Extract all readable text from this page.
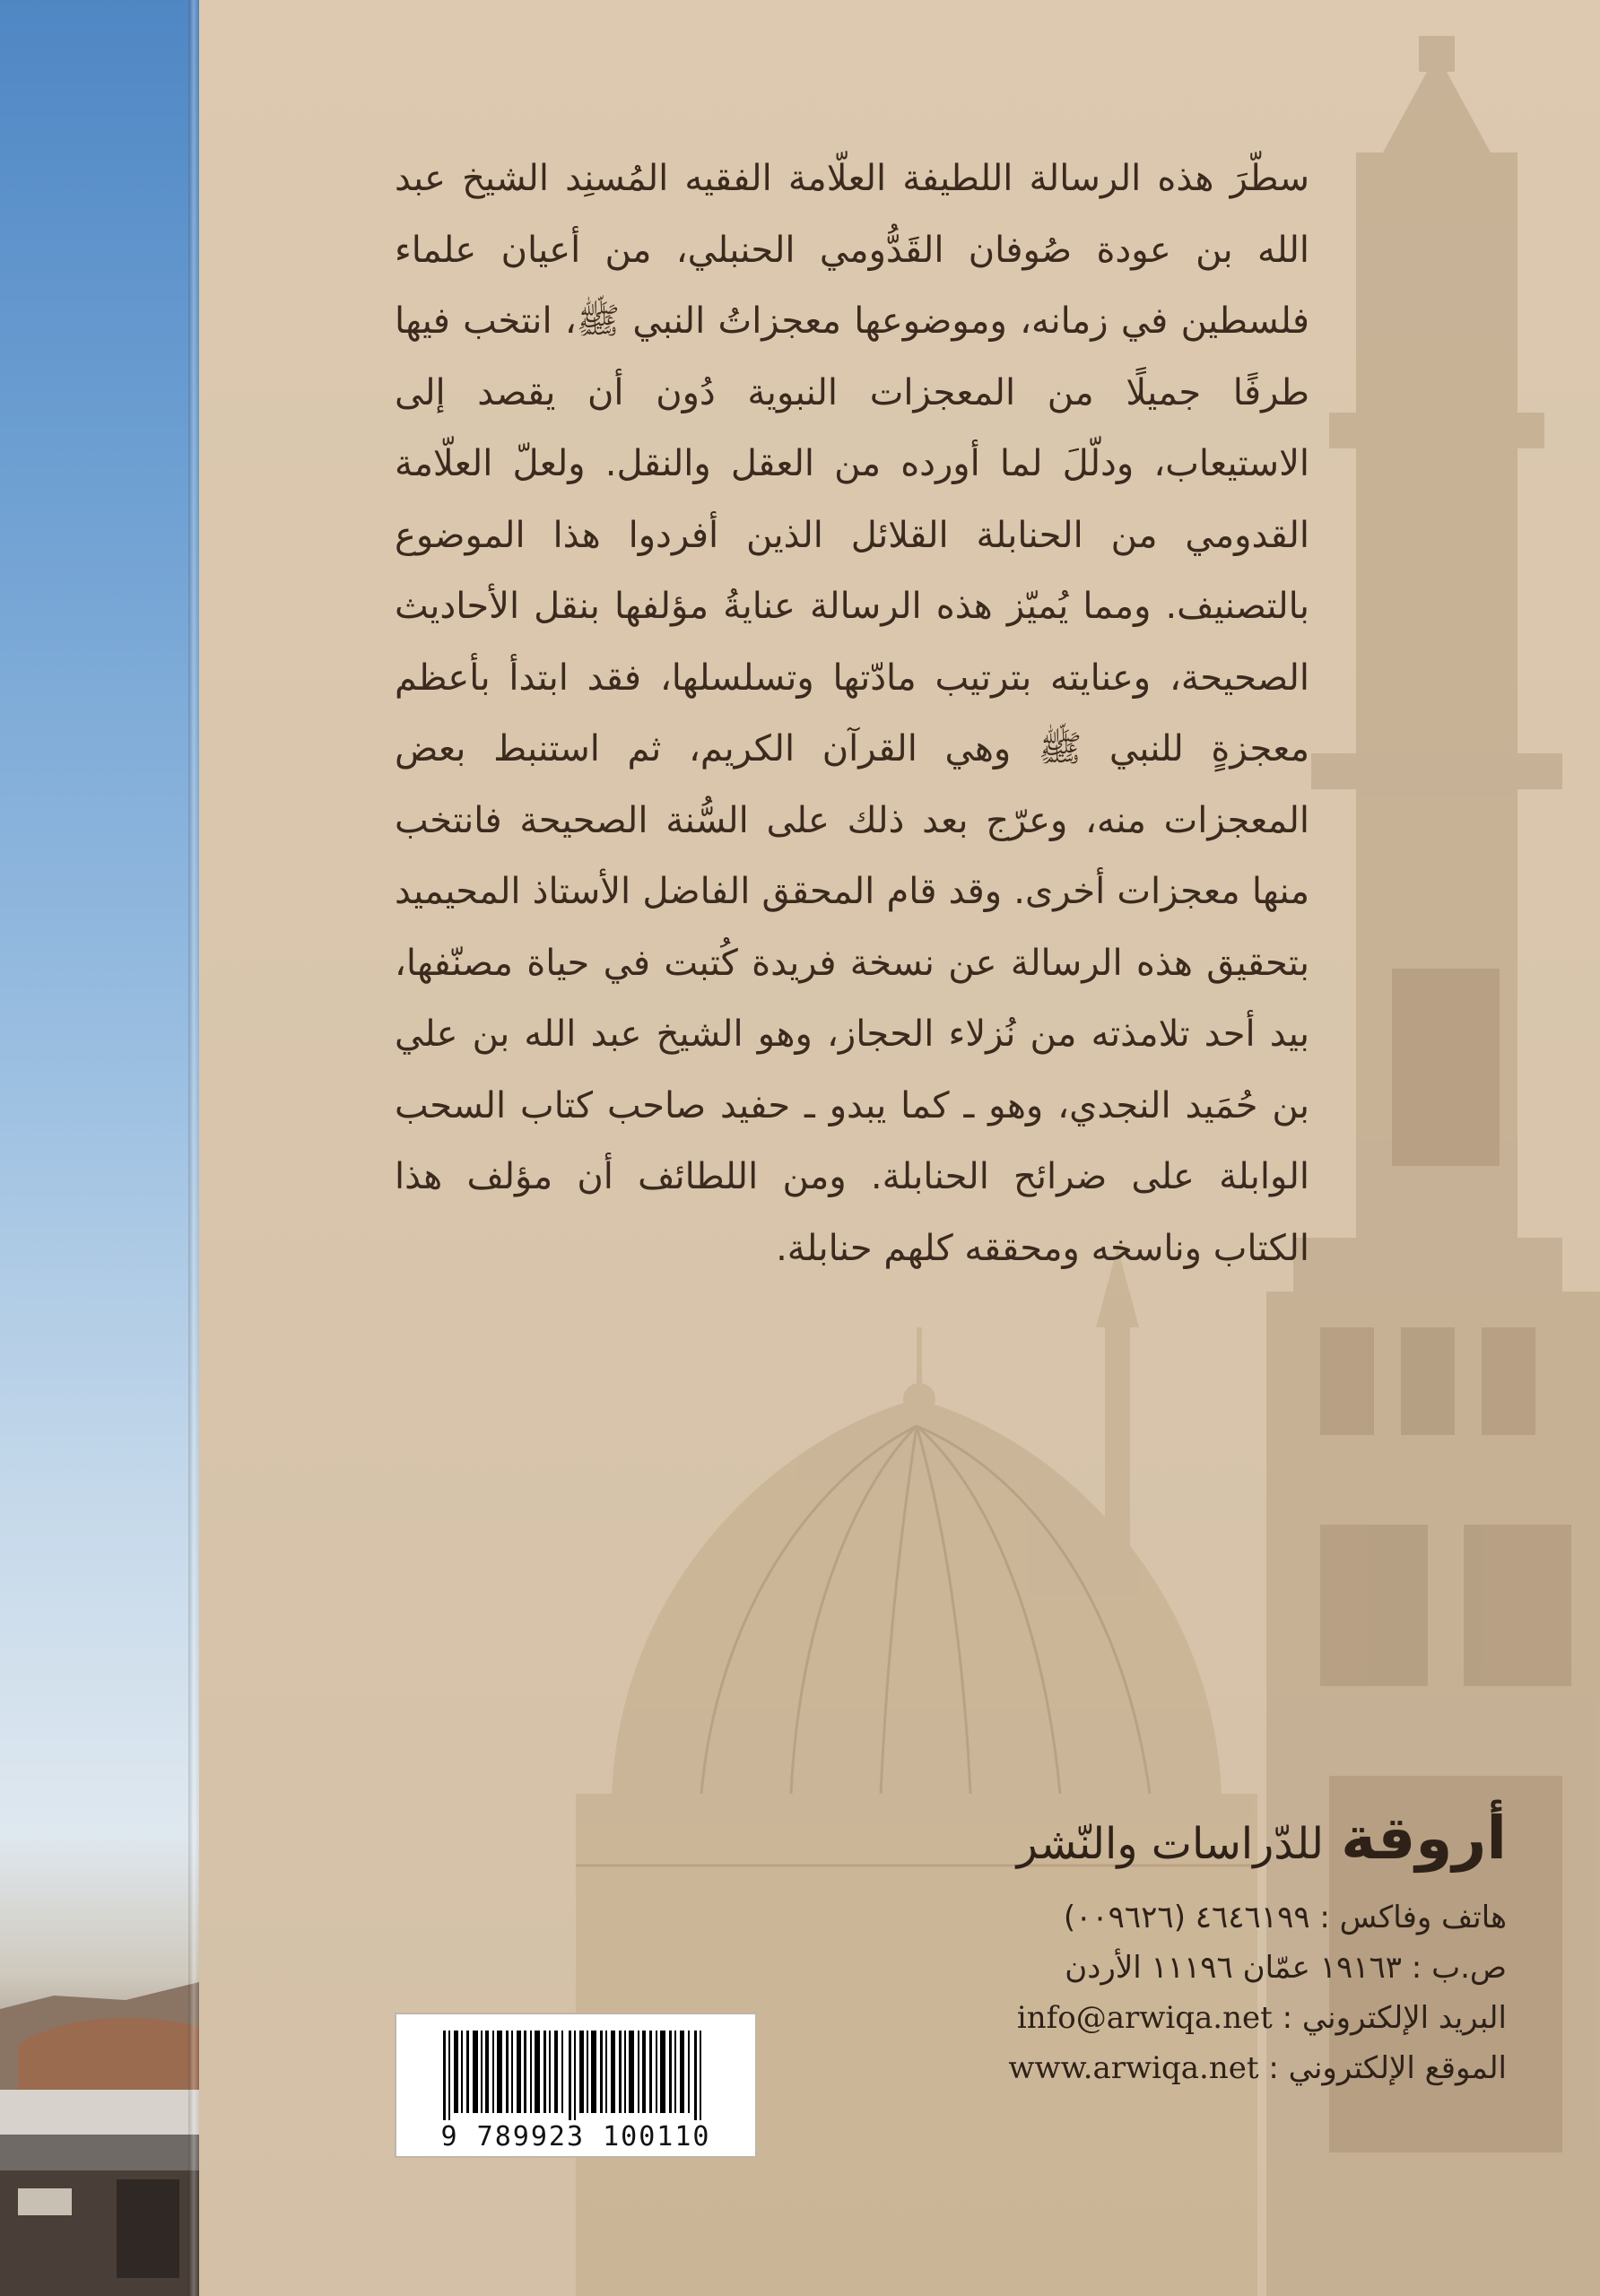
سطّرَ هذه الرسالة اللطيفة العلّامة الفقيه المُسنِد الشيخ عبد الله بن عودة صُوفان القَدُّومي الحنبلي، من أعيان علماء فلسطين في زمانه، وموضوعها معجزاتُ النبي ﷺ، انتخب فيها طرفًا جميلًا من المعجزات النبوية دُون أن يقصد إلى الاستيعاب، ودلّلَ لما أورده من العقل والنقل. ولعلّ العلّامة القدومي من الحنابلة القلائل الذين أفردوا هذا الموضوع بالتصنيف. ومما يُميّز هذه الرسالة عنايةُ مؤلفها بنقل الأحاديث الصحيحة، وعنايته بترتيب مادّتها وتسلسلها، فقد ابتدأ بأعظم معجزةٍ للنبي ﷺ وهي القرآن الكريم، ثم استنبط بعض المعجزات منه، وعرّج بعد ذلك على السُّنة الصحيحة فانتخب منها معجزات أخرى. وقد قام المحقق الفاضل الأستاذ المحيميد بتحقيق هذه الرسالة عن نسخة فريدة كُتبت في حياة مصنّفها، بيد أحد تلامذته من نُزلاء الحجاز، وهو الشيخ عبد الله بن علي بن حُمَيد النجدي، وهو ـ كما يبدو ـ حفيد صاحب كتاب السحب الوابلة على ضرائح الحنابلة. ومن اللطائف أن مؤلف هذا الكتاب وناسخه ومحققه كلهم حنابلة.

أروقة للدّراسات والنّشر
هاتف وفاكس : ٤٦٤٦١٩٩ (٠٠٩٦٢٦)
ص.ب : ١٩١٦٣ عمّان ١١١٩٦ الأردن
البريد الإلكتروني : info@arwiqa.net
الموقع الإلكتروني : www.arwiqa.net
9 789923 100110
